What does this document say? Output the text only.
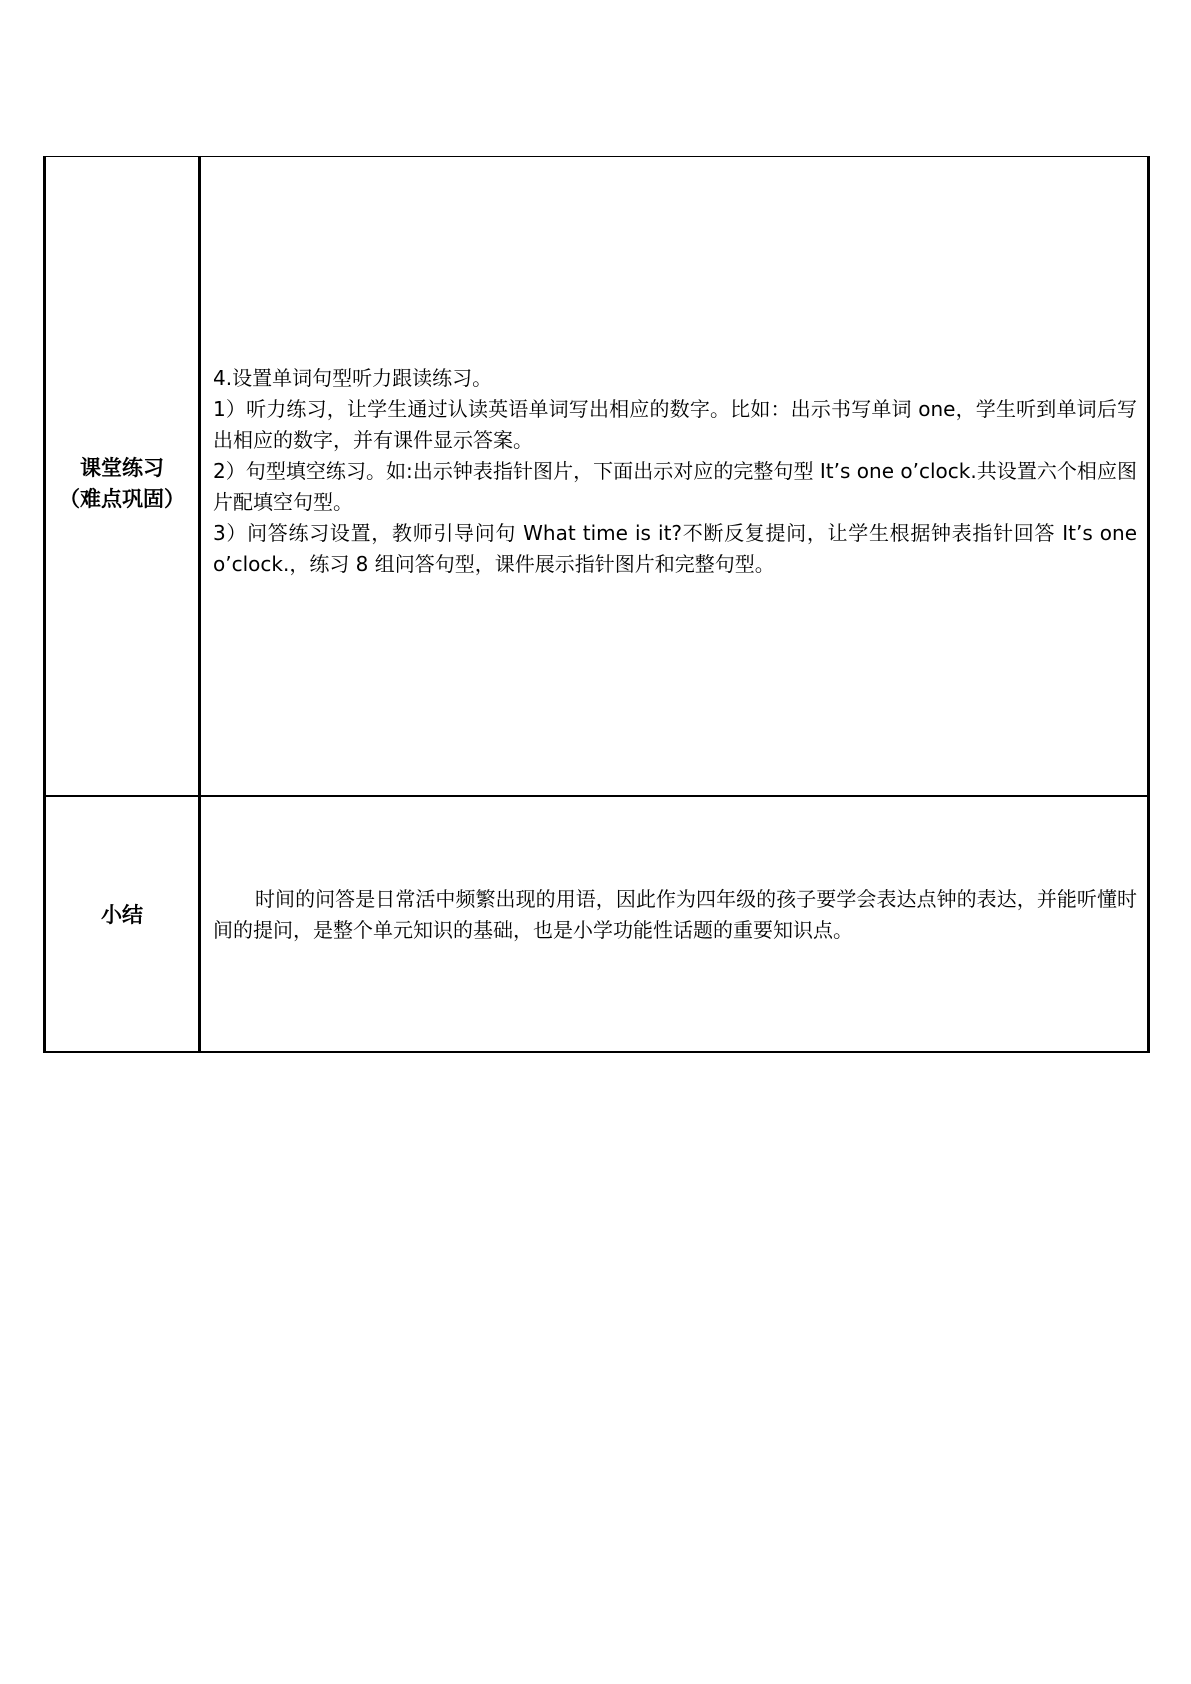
课堂练习
（难点巩固）	4.设置单词句型听力跟读练习。
1）听力练习，让学生通过认读英语单词写出相应的数字。比如：出示书写单词 one，学生听到单词后写出相应的数字，并有课件显示答案。
2）句型填空练习。如:出示钟表指针图片，下面出示对应的完整句型 It’s one o’clock.共设置六个相应图片配填空句型。
3）问答练习设置，教师引导问句 What time is it?不断反复提问，让学生根据钟表指针回答 It’s one o’clock.，练习 8 组问答句型，课件展示指针图片和完整句型。

小结	时间的问答是日常活中频繁出现的用语，因此作为四年级的孩子要学会表达点钟的表达，并能听懂时间的提问，是整个单元知识的基础，也是小学功能性话题的重要知识点。
